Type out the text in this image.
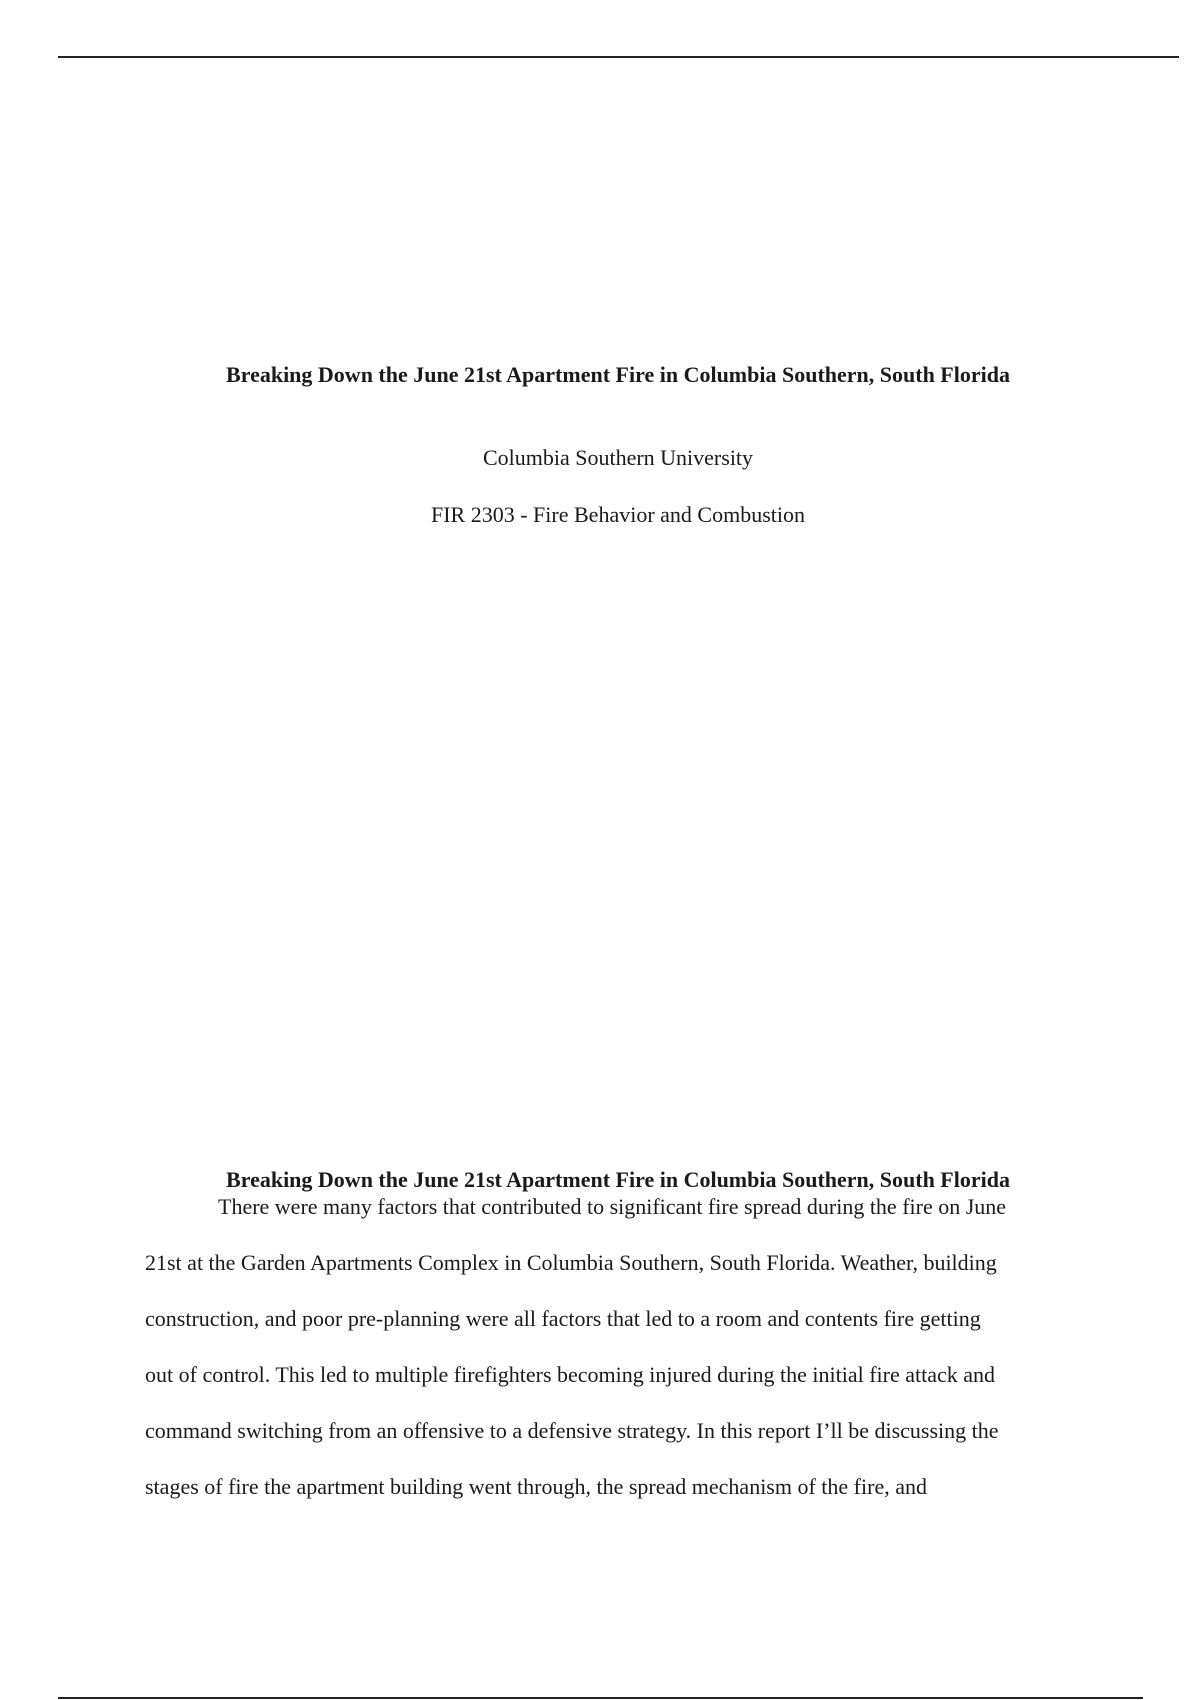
Breaking Down the June 21st Apartment Fire in Columbia Southern, South Florida
Columbia Southern University
FIR 2303 - Fire Behavior and Combustion
Breaking Down the June 21st Apartment Fire in Columbia Southern, South Florida
There were many factors that contributed to significant fire spread during the fire on June
21st at the Garden Apartments Complex in Columbia Southern, South Florida. Weather, building
construction, and poor pre-planning were all factors that led to a room and contents fire getting
out of control. This led to multiple firefighters becoming injured during the initial fire attack and
command switching from an offensive to a defensive strategy. In this report I’ll be discussing the
stages of fire the apartment building went through, the spread mechanism of the fire, and
